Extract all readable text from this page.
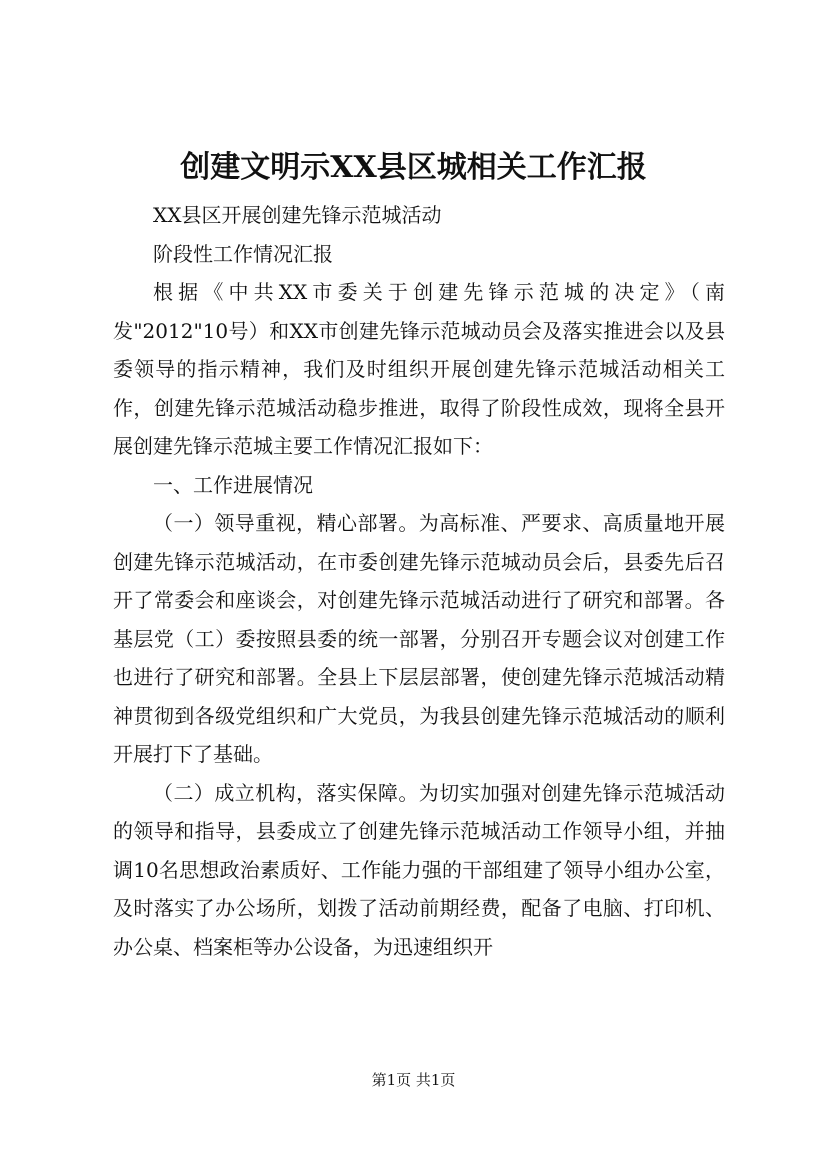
创建文明示XX县区城相关工作汇报

XX县区开展创建先锋示范城活动

阶段性工作情况汇报

根据《中共XX市委关于创建先锋示范城的决定》（南发"2012"10号）和XX市创建先锋示范城动员会及落实推进会以及县委领导的指示精神，我们及时组织开展创建先锋示范城活动相关工作，创建先锋示范城活动稳步推进，取得了阶段性成效，现将全县开展创建先锋示范城主要工作情况汇报如下：

一、工作进展情况

（一）领导重视，精心部署。为高标准、严要求、高质量地开展创建先锋示范城活动，在市委创建先锋示范城动员会后，县委先后召开了常委会和座谈会，对创建先锋示范城活动进行了研究和部署。各基层党（工）委按照县委的统一部署，分别召开专题会议对创建工作也进行了研究和部署。全县上下层层部署，使创建先锋示范城活动精神贯彻到各级党组织和广大党员，为我县创建先锋示范城活动的顺利开展打下了基础。

（二）成立机构，落实保障。为切实加强对创建先锋示范城活动的领导和指导，县委成立了创建先锋示范城活动工作领导小组，并抽调10名思想政治素质好、工作能力强的干部组建了领导小组办公室，及时落实了办公场所，划拨了活动前期经费，配备了电脑、打印机、办公桌、档案柜等办公设备，为迅速组织开

第1页 共1页
